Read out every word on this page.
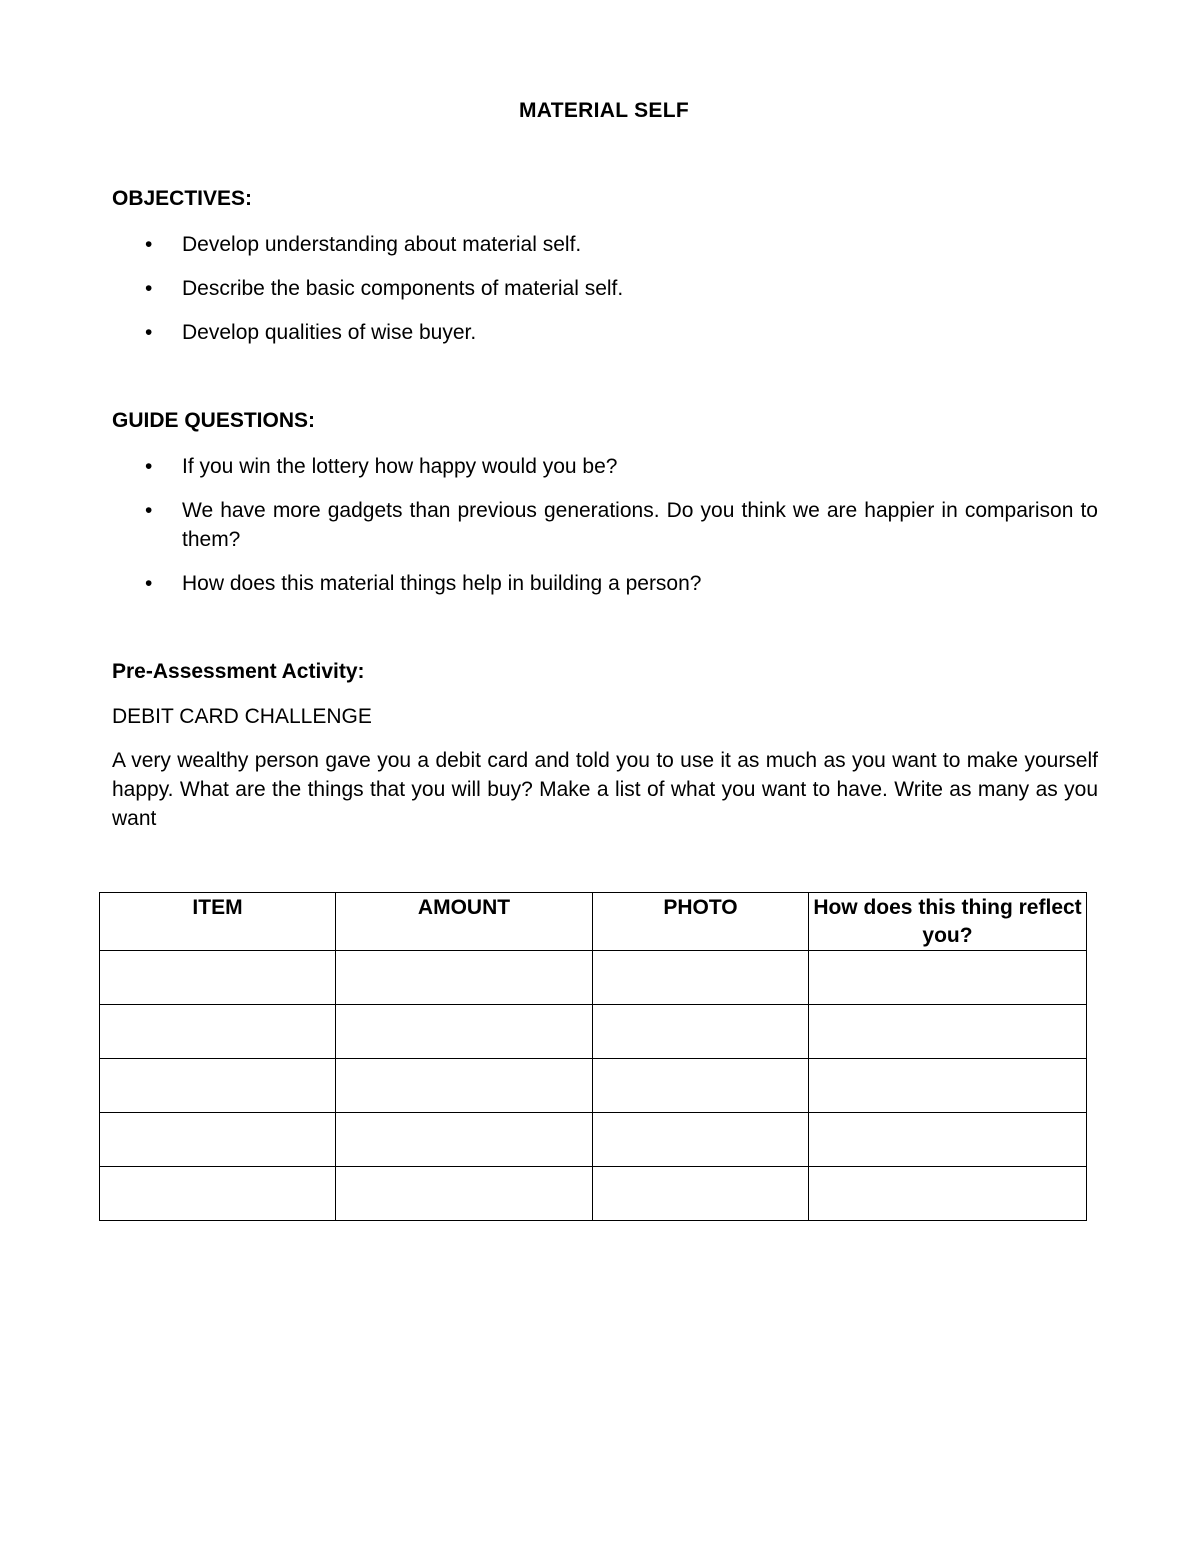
MATERIAL SELF
OBJECTIVES:
• Develop understanding about material self.
• Describe the basic components of material self.
• Develop qualities of wise buyer.
GUIDE QUESTIONS:
• If you win the lottery how happy would you be?
• We have more gadgets than previous generations. Do you think we are happier in comparison to them?
• How does this material things help in building a person?
Pre-Assessment Activity:
DEBIT CARD CHALLENGE
A very wealthy person gave you a debit card and told you to use it as much as you want to make yourself happy. What are the things that you will buy? Make a list of what you want to have. Write as many as you want
ITEM	AMOUNT	PHOTO	How does this thing reflect you?
